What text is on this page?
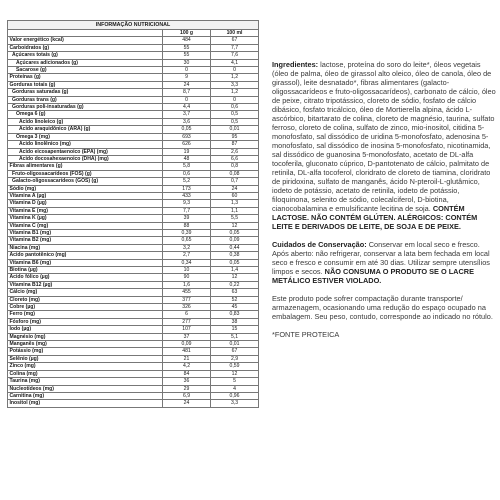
INFORMAÇÃO NUTRICIONAL		
	100 g	100 ml
Valor energético (kcal)	484	67
Carboidratos (g)	55	7,7
Açúcares totais (g)	55	7,6
Açúcares adicionados (g)	30	4,1
Sacarose (g)	0	0
Proteínas (g)	9	1,2
Gorduras totais (g)	24	3,3
Gorduras saturadas (g)	8,7	1,2
Gorduras trans (g)	0	0
Gorduras poli-insaturadas (g)	4,4	0,6
Ômega 6 (g)	3,7	0,5
Ácido linoleico (g)	3,6	0,5
Ácido araquidônico (ARA) (g)	0,05	0,01
Ômega 3 (mg)	693	95
Ácido linolênico (mg)	626	87
Ácido eicosapentaenoico (EPA) (mg)	19	2,6
Ácido docosahexaenoico (DHA) (mg)	48	6,6
Fibras alimentares (g)	5,8	0,8
Fruto-oligossacarídeos (FOS) (g)	0,6	0,08
Galacto-oligossacarídeos (GOS) (g)	5,2	0,7
Sódio (mg)	173	24
Vitamina A (µg)	433	60
Vitamina D (µg)	9,3	1,3
Vitamina E (mg)	7,7	1,1
Vitamina K (µg)	39	5,5
Vitamina C (mg)	88	12
Vitamina B1 (mg)	0,39	0,05
Vitamina B2 (mg)	0,65	0,09
Niacina (mg)	3,2	0,44
Ácido pantotênico (mg)	2,7	0,38
Vitamina B6 (mg)	0,34	0,05
Biotina (µg)	10	1,4
Ácido fólico (µg)	90	12
Vitamina B12 (µg)	1,6	0,22
Cálcio (mg)	455	63
Cloreto (mg)	377	52
Cobre (µg)	326	45
Ferro (mg)	6	0,83
Fósforo (mg)	277	38
Iodo (µg)	107	15
Magnésio (mg)	37	5,1
Manganês (mg)	0,09	0,01
Potássio (mg)	481	67
Selênio (µg)	21	2,9
Zinco (mg)	4,2	0,59
Colina (mg)	84	12
Taurina (mg)	36	5
Nucleotídeos (mg)	29	4
Carnitina (mg)	6,9	0,96
Inositol (mg)	24	3,3

Ingredientes: lactose, proteína do soro do leite*, óleos vegetais (óleo de palma, óleo de girassol alto oleico, óleo de canola, óleo de girassol), leite desnatado*, fibras alimentares (galacto-oligossacarídeos e fruto-oligossacarídeos), carbonato de cálcio, óleo de peixe, citrato tripotássico, cloreto de sódio, fosfato de cálcio dibásico, fosfato tricálcico, óleo de Mortierella alpina, ácido L-ascórbico, bitartarato de colina, cloreto de magnésio, taurina, sulfato ferroso, cloreto de colina, sulfato de zinco, mio-inositol, citidina 5-monofosfato, sal dissódico de uridina 5-monofosfato, adenosina 5-monofosfato, sal dissódico de inosina 5-monofosfato, nicotinamida, sal dissódico de guanosina 5-monofosfato, acetato de DL-alfa tocoferila, gluconato cúprico, D-pantotenato de cálcio, palmitato de retinila, DL-alfa tocoferol, cloridrato de cloreto de tiamina, cloridrato de piridoxina, sulfato de manganês, ácido N-pteroil-L-glutâmico, iodeto de potássio, acetato de retinila, iodeto de potássio, filoquinona, selenito de sódio, colecalciferol, D-biotina, cianocobalamina e emulsificante lecitina de soja. CONTÉM LACTOSE. NÃO CONTÉM GLÚTEN. ALÉRGICOS: CONTÉM LEITE E DERIVADOS DE LEITE, DE SOJA E DE PEIXE.

Cuidados de Conservação: Conservar em local seco e fresco. Após aberto: não refrigerar, conservar a lata bem fechada em local seco e fresco e consumir em até 30 dias. Utilizar sempre utensílios limpos e secos. NÃO CONSUMA O PRODUTO SE O LACRE METÁLICO ESTIVER VIOLADO.

Este produto pode sofrer compactação durante transporte/ armazenagem, ocasionando uma redução do espaço ocupado na embalagem. Seu peso, contudo, corresponde ao indicado no rótulo.

*FONTE PROTEICA
